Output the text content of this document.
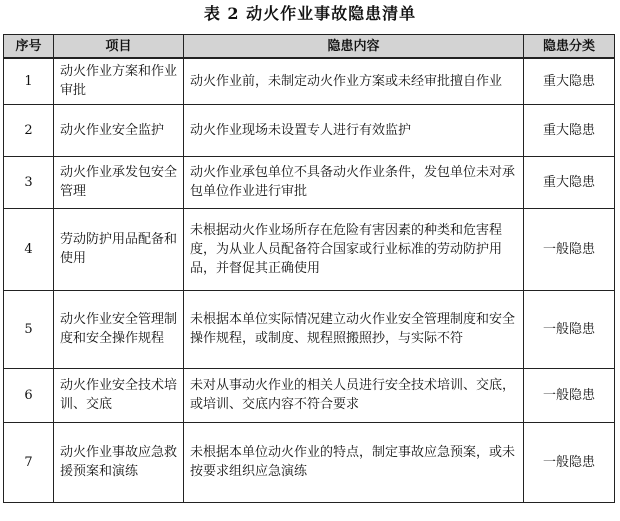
表 2 动火作业事故隐患清单
序号	项目	隐患内容	隐患分类
1	动火作业方案和作业审批	动火作业前，未制定动火作业方案或未经审批擅自作业	重大隐患
2	动火作业安全监护	动火作业现场未设置专人进行有效监护	重大隐患
3	动火作业承发包安全管理	动火作业承包单位不具备动火作业条件，发包单位未对承包单位作业进行审批	重大隐患
4	劳动防护用品配备和使用	未根据动火作业场所存在危险有害因素的种类和危害程度，为从业人员配备符合国家或行业标准的劳动防护用品，并督促其正确使用	一般隐患
5	动火作业安全管理制度和安全操作规程	未根据本单位实际情况建立动火作业安全管理制度和安全操作规程，或制度、规程照搬照抄，与实际不符	一般隐患
6	动火作业安全技术培训、交底	未对从事动火作业的相关人员进行安全技术培训、交底，或培训、交底内容不符合要求	一般隐患
7	动火作业事故应急救援预案和演练	未根据本单位动火作业的特点，制定事故应急预案，或未按要求组织应急演练	一般隐患
